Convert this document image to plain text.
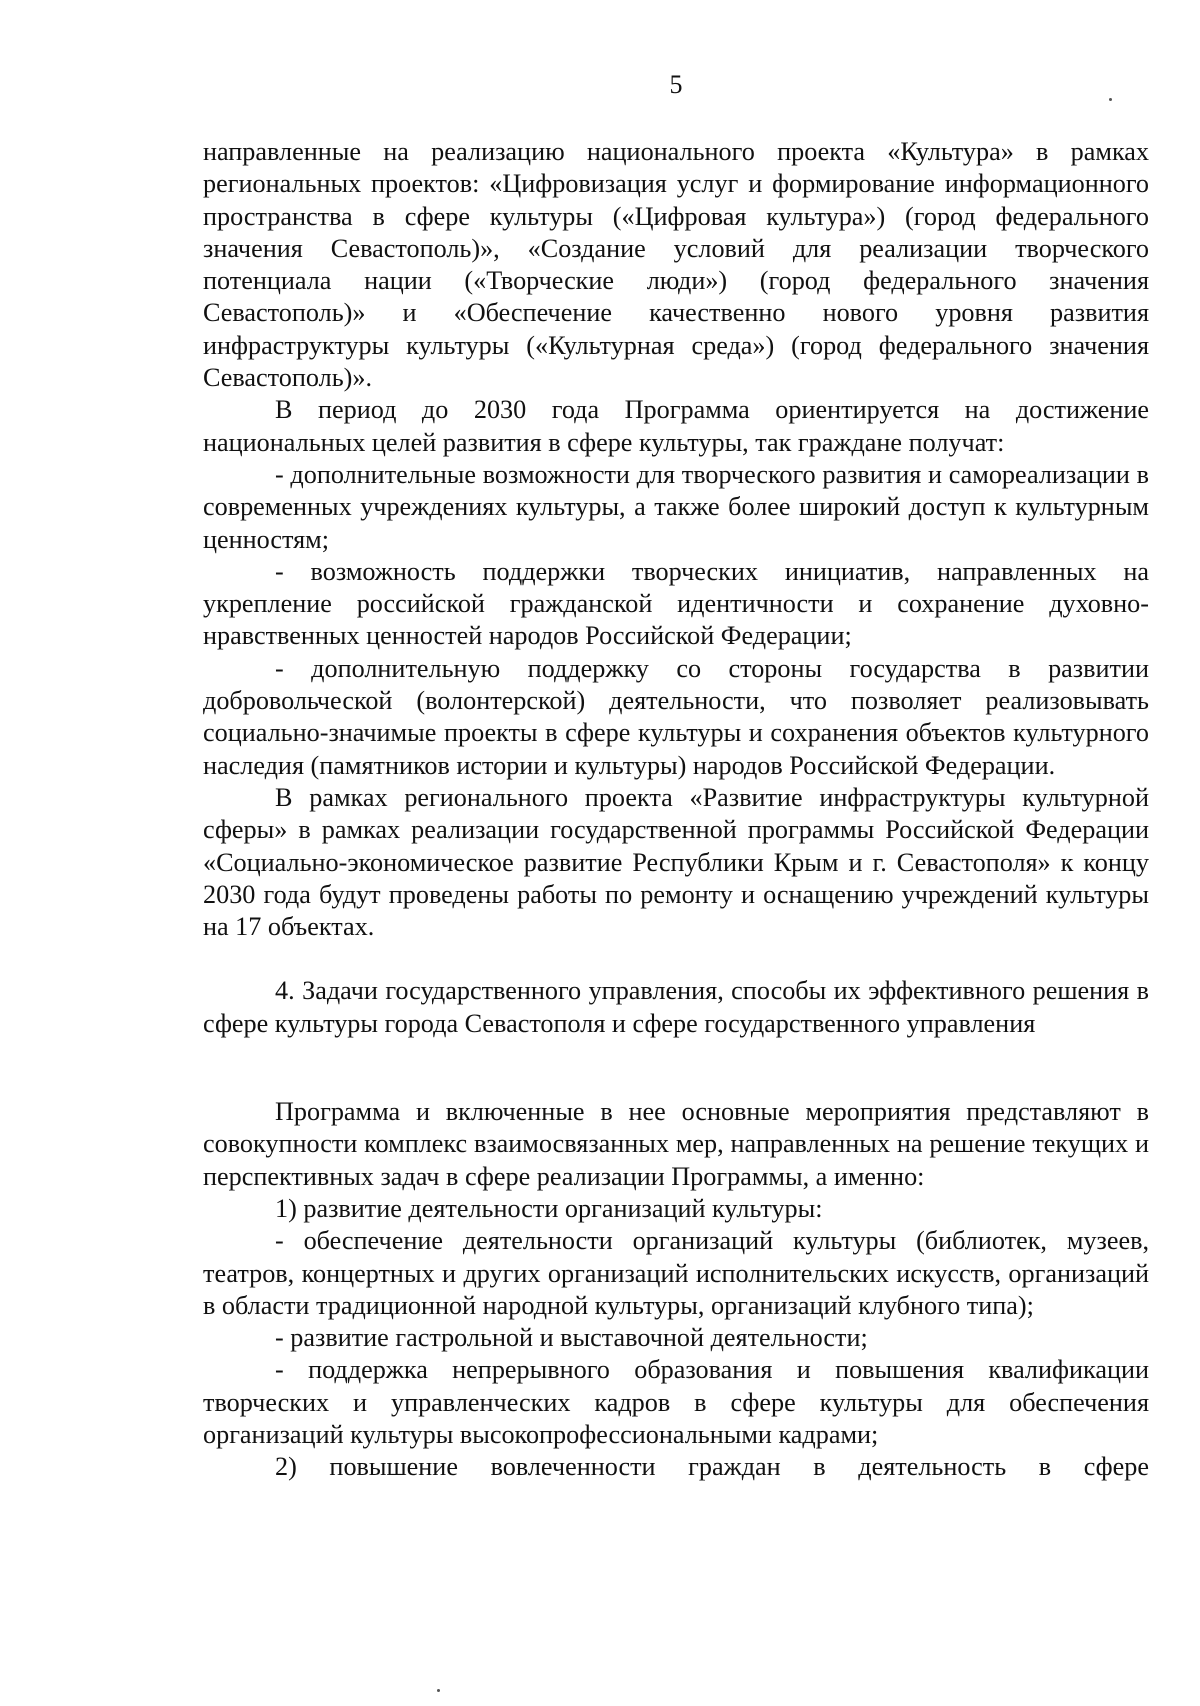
5

направленные на реализацию национального проекта «Культура» в рамках региональных проектов: «Цифровизация услуг и формирование информационного пространства в сфере культуры («Цифровая культура») (город федерального значения Севастополь)», «Создание условий для реализации творческого потенциала нации («Творческие люди») (город федерального значения Севастополь)» и «Обеспечение качественно нового уровня развития инфраструктуры культуры («Культурная среда») (город федерального значения Севастополь)».

В период до 2030 года Программа ориентируется на достижение национальных целей развития в сфере культуры, так граждане получат:

- дополнительные возможности для творческого развития и самореализации в современных учреждениях культуры, а также более широкий доступ к культурным ценностям;

- возможность поддержки творческих инициатив, направленных на укрепление российской гражданской идентичности и сохранение духовно-нравственных ценностей народов Российской Федерации;

- дополнительную поддержку со стороны государства в развитии добровольческой (волонтерской) деятельности, что позволяет реализовывать социально-значимые проекты в сфере культуры и сохранения объектов культурного наследия (памятников истории и культуры) народов Российской Федерации.

В рамках регионального проекта «Развитие инфраструктуры культурной сферы» в рамках реализации государственной программы Российской Федерации «Социально-экономическое развитие Республики Крым и г. Севастополя» к концу 2030 года будут проведены работы по ремонту и оснащению учреждений культуры на 17 объектах.

4. Задачи государственного управления, способы их эффективного решения в сфере культуры города Севастополя и сфере государственного управления

Программа и включенные в нее основные мероприятия представляют в совокупности комплекс взаимосвязанных мер, направленных на решение текущих и перспективных задач в сфере реализации Программы, а именно:

1) развитие деятельности организаций культуры:

- обеспечение деятельности организаций культуры (библиотек, музеев, театров, концертных и других организаций исполнительских искусств, организаций в области традиционной народной культуры, организаций клубного типа);

- развитие гастрольной и выставочной деятельности;

- поддержка непрерывного образования и повышения квалификации творческих и управленческих кадров в сфере культуры для обеспечения организаций культуры высокопрофессиональными кадрами;

2) повышение вовлеченности граждан в деятельность в сфере
